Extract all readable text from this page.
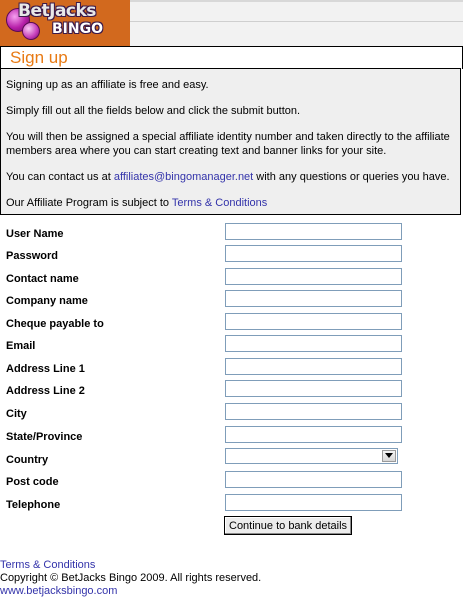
BetJacks
BINGO
Sign up

Signing up as an affiliate is free and easy.

Simply fill out all the fields below and click the submit button.

You will then be assigned a special affiliate identity number and taken directly to the affiliate members area where you can start creating text and banner links for your site.

You can contact us at affiliates@bingomanager.net with any questions or queries you have.

Our Affiliate Program is subject to Terms & Conditions

User Name
Password
Contact name
Company name
Cheque payable to
Email
Address Line 1
Address Line 2
City
State/Province
Country
Post code
Telephone
Continue to bank details
Terms & Conditions
Copyright © BetJacks Bingo 2009. All rights reserved.
www.betjacksbingo.com
